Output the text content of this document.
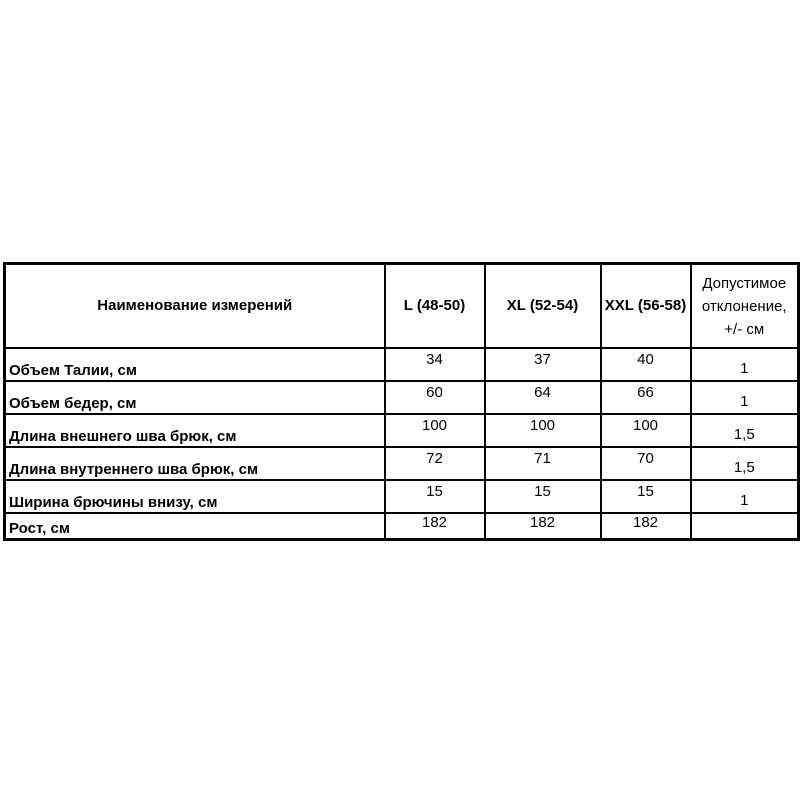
Наименование измерений	L (48-50)	XL (52-54)	XXL (56-58)	Допустимое отклонение, +/- см
Объем Талии, см	34	37	40	1
Объем бедер, см	60	64	66	1
Длина внешнего шва брюк, см	100	100	100	1,5
Длина внутреннего шва брюк, см	72	71	70	1,5
Ширина брючины внизу, см	15	15	15	1
Рост, см	182	182	182	
